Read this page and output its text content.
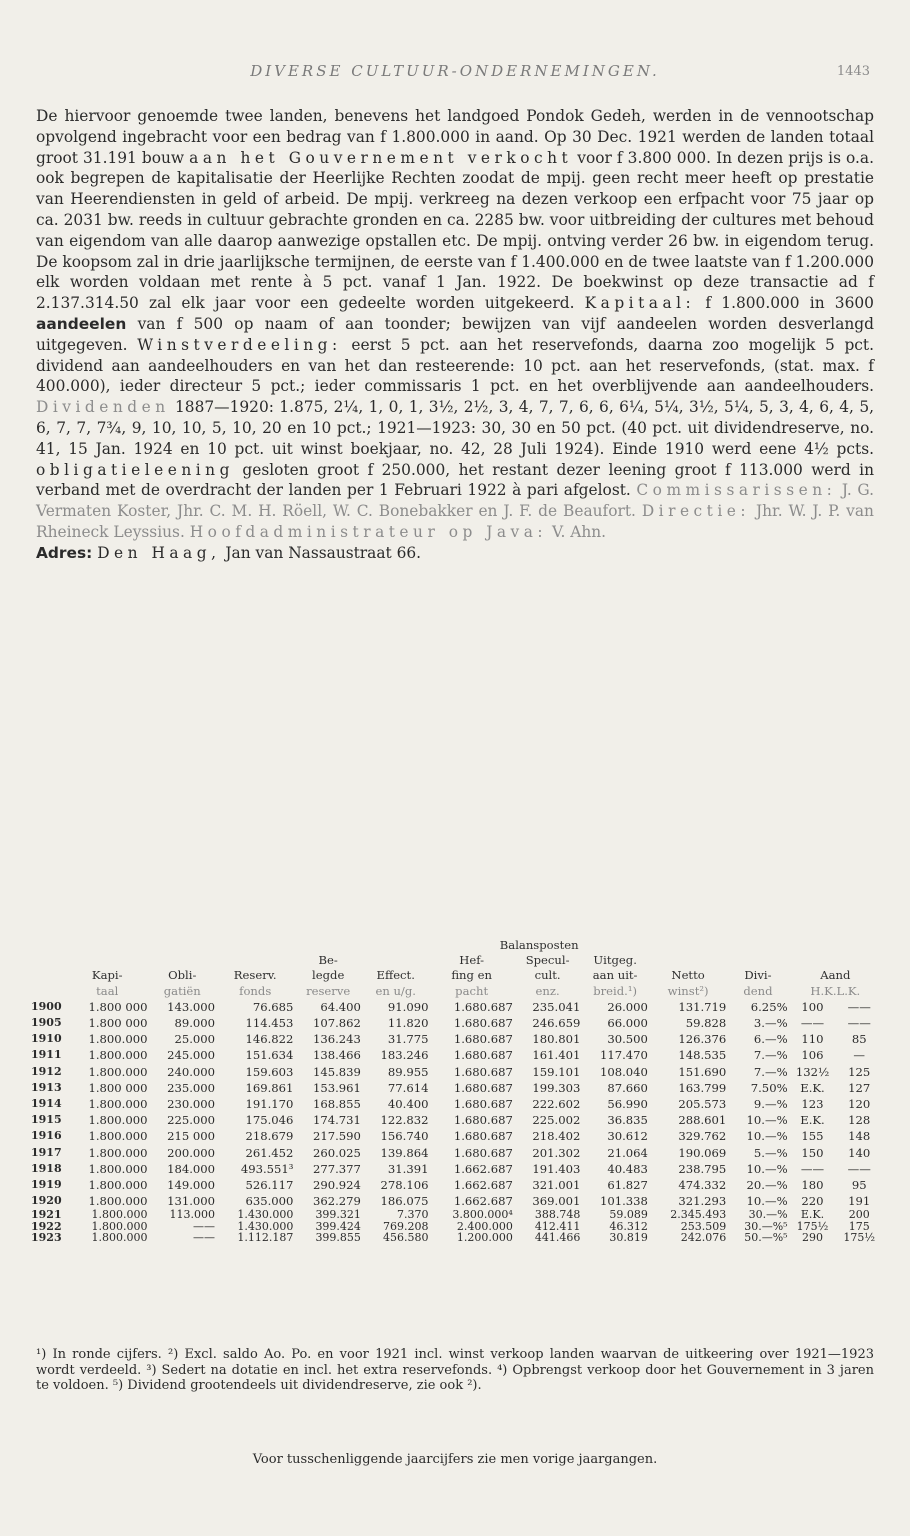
DIVERSE CULTUUR-ONDERNEMINGEN.	1443

De hiervoor genoemde twee landen, benevens het landgoed Pondok Gedeh, werden in de vennootschap opvolgend ingebracht voor een bedrag van f 1.800.000 in aand. Op 30 Dec. 1921 werden de landen totaal groot 31.191 bouw aan het Gouvernement verkocht voor f 3.800 000. In dezen prijs is o.a. ook begrepen de kapitalisatie der Heerlijke Rechten zoodat de mpij. geen recht meer heeft op prestatie van Heerendiensten in geld of arbeid. De mpij. verkreeg na dezen verkoop een erfpacht voor 75 jaar op ca. 2031 bw. reeds in cultuur gebrachte gronden en ca. 2285 bw. voor uitbreiding der cultures met behoud van eigendom van alle daarop aanwezige opstallen etc. De mpij. ontving verder 26 bw. in eigendom terug. De koopsom zal in drie jaarlijksche termijnen, de eerste van f 1.400.000 en de twee laatste van f 1.200.000 elk worden voldaan met rente à 5 pct. vanaf 1 Jan. 1922. De boekwinst op deze transactie ad f 2.137.314.50 zal elk jaar voor een gedeelte worden uitgekeerd. Kapitaal: f 1.800.000 in 3600 aandeelen van f 500 op naam of aan toonder; bewijzen van vijf aandeelen worden desverlangd uitgegeven. Winstverdeeling: eerst 5 pct. aan het reservefonds, daarna zoo mogelijk 5 pct. dividend aan aandeelhouders en van het dan resteerende: 10 pct. aan het reservefonds, (stat. max. f 400.000), ieder directeur 5 pct.; ieder commissaris 1 pct. en het overblijvende aan aandeelhouders. Dividenden 1887—1920: 1.875, 2¼, 1, 0, 1, 3½, 2½, 3, 4, 7, 7, 6, 6, 6¼, 5¼, 3½, 5¼, 5, 3, 4, 6, 4, 5, 6, 7, 7, 7¾, 9, 10, 10, 5, 10, 20 en 10 pct.; 1921—1923: 30, 30 en 50 pct. (40 pct. uit dividendreserve, no. 41, 15 Jan. 1924 en 10 pct. uit winst boekjaar, no. 42, 28 Juli 1924). Einde 1910 werd eene 4½ pcts. obligatieleening gesloten groot f 250.000, het restant dezer leening groot f 113.000 werd in verband met de overdracht der landen per 1 Februari 1922 à pari afgelost. Commissarissen: J. G. Vermaten Koster, Jhr. C. M. H. Röell, W. C. Bonebakker en J. F. de Beaufort. Directie: Jhr. W. J. P. van Rheineck Leyssius. Hoofdadministrateur op Java: V. Ahn.
Adres: Den Haag, Jan van Nassaustraat 66.

						Balansposten						
				Be-		Hef-	Specul-	Uitgeg.				
	Kapi-	Obli-	Reserv.	legde	Effect.	fing en	cult.	aan uit-	Netto	Divi-	Aand	
	taal	gatiën	fonds	reserve	en u/g.	pacht	enz.	breid.¹)	winst²)	dend	H.K.L.K.	
1900	1.800 000	143.000	76.685	64.400	91.090	1.680.687	235.041	26.000	131.719	6.25%	100	——
1905	1.800 000	89.000	114.453	107.862	11.820	1.680.687	246.659	66.000	59.828	3.—%	——	——
1910	1.800.000	25.000	146.822	136.243	31.775	1.680.687	180.801	30.500	126.376	6.—%	110	85
1911	1.800.000	245.000	151.634	138.466	183.246	1.680.687	161.401	117.470	148.535	7.—%	106	—
1912	1.800.000	240.000	159.603	145.839	89.955	1.680.687	159.101	108.040	151.690	7.—%	132½	125
1913	1.800 000	235.000	169.861	153.961	77.614	1.680.687	199.303	87.660	163.799	7.50%	E.K.	127
1914	1.800.000	230.000	191.170	168.855	40.400	1.680.687	222.602	56.990	205.573	9.—%	123	120
1915	1.800.000	225.000	175.046	174.731	122.832	1.680.687	225.002	36.835	288.601	10.—%	E.K.	128
1916	1.800.000	215 000	218.679	217.590	156.740	1.680.687	218.402	30.612	329.762	10.—%	155	148
1917	1.800.000	200.000	261.452	260.025	139.864	1.680.687	201.302	21.064	190.069	5.—%	150	140
1918	1.800.000	184.000	493.551³	277.377	31.391	1.662.687	191.403	40.483	238.795	10.—%	——	——
1919	1.800.000	149.000	526.117	290.924	278.106	1.662.687	321.001	61.827	474.332	20.—%	180	95
1920	1.800.000	131.000	635.000	362.279	186.075	1.662.687	369.001	101.338	321.293	10.—%	220	191
1921	1.800.000	113.000	1.430.000	399.321	7.370	3.800.000⁴	388.748	59.089	2.345.493	30.—%	E.K.	200
1922	1.800.000	——	1.430.000	399.424	769.208	2.400.000	412.411	46.312	253.509	30.—%⁵	175½	175
1923	1.800.000	——	1.112.187	399.855	456.580	1.200.000	441.466	30.819	242.076	50.—%⁵	290	175½

¹) In ronde cijfers. ²) Excl. saldo Ao. Po. en voor 1921 incl. winst verkoop landen waarvan de uitkeering over 1921—1923 wordt verdeeld. ³) Sedert na dotatie en incl. het extra reservefonds. ⁴) Opbrengst verkoop door het Gouvernement in 3 jaren te voldoen. ⁵) Dividend grootendeels uit dividendreserve, zie ook ²).

Voor tusschenliggende jaarcijfers zie men vorige jaargangen.
